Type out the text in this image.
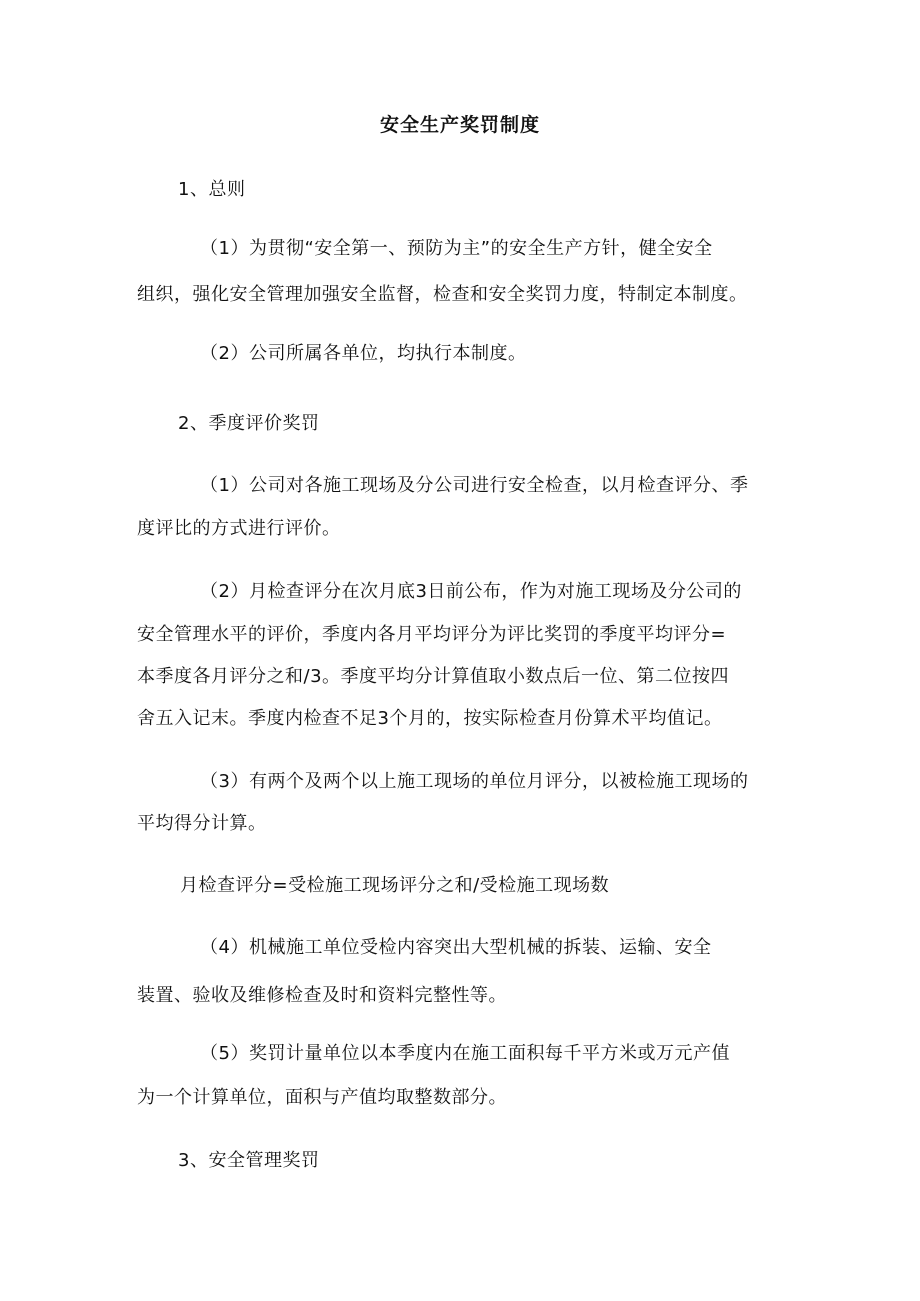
安全生产奖罚制度
1、总则
（1）为贯彻“安全第一、预防为主”的安全生产方针，健全安全
组织，强化安全管理加强安全监督，检查和安全奖罚力度，特制定本制度。
（2）公司所属各单位，均执行本制度。
2、季度评价奖罚
（1）公司对各施工现场及分公司进行安全检查，以月检查评分、季
度评比的方式进行评价。
（2）月检查评分在次月底3日前公布，作为对施工现场及分公司的
安全管理水平的评价，季度内各月平均评分为评比奖罚的季度平均评分=
本季度各月评分之和/3。季度平均分计算值取小数点后一位、第二位按四
舍五入记末。季度内检查不足3个月的，按实际检查月份算术平均值记。
（3）有两个及两个以上施工现场的单位月评分，以被检施工现场的
平均得分计算。
月检查评分=受检施工现场评分之和/受检施工现场数
（4）机械施工单位受检内容突出大型机械的拆装、运输、安全
装置、验收及维修检查及时和资料完整性等。
（5）奖罚计量单位以本季度内在施工面积每千平方米或万元产值
为一个计算单位，面积与产值均取整数部分。
3、安全管理奖罚
